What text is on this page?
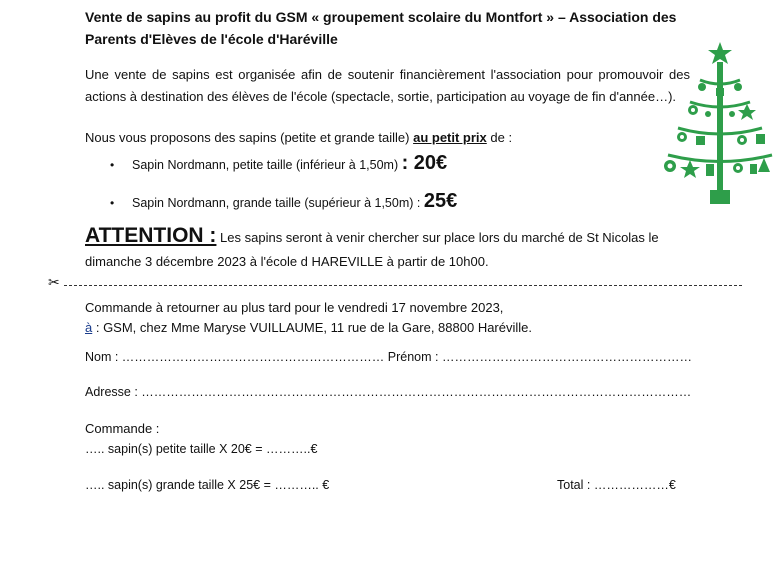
Vente de sapins au profit du GSM « groupement scolaire du Montfort » – Association des
Parents d'Elèves de l'école d'Haréville
Une vente de sapins est organisée afin de soutenir financièrement l'association pour promouvoir des actions à destination des élèves de l'école (spectacle, sortie, participation au voyage de fin d'année…).
Nous vous proposons des sapins (petite et grande taille) au petit prix de :
• Sapin Nordmann, petite taille (inférieur à 1,50m) : 20€
• Sapin Nordmann, grande taille (supérieur à 1,50m) : 25€
ATTENTION : Les sapins seront à venir chercher sur place lors du marché de St Nicolas le dimanche 3 décembre 2023 à l'école d HAREVILLE à partir de 10h00.
✂
Commande à retourner au plus tard pour le vendredi 17 novembre 2023,
à : GSM, chez Mme Maryse VUILLAUME, 11 rue de la Gare, 88800 Haréville.
Nom : ……………………………………………………… Prénom : ……………………………………………………
Adresse : ……………………………………………………………………………………………………………………
Commande :
….. sapin(s) petite taille X 20€ = ………..€
….. sapin(s) grande taille X 25€ = ……….. €	Total : ………………€
